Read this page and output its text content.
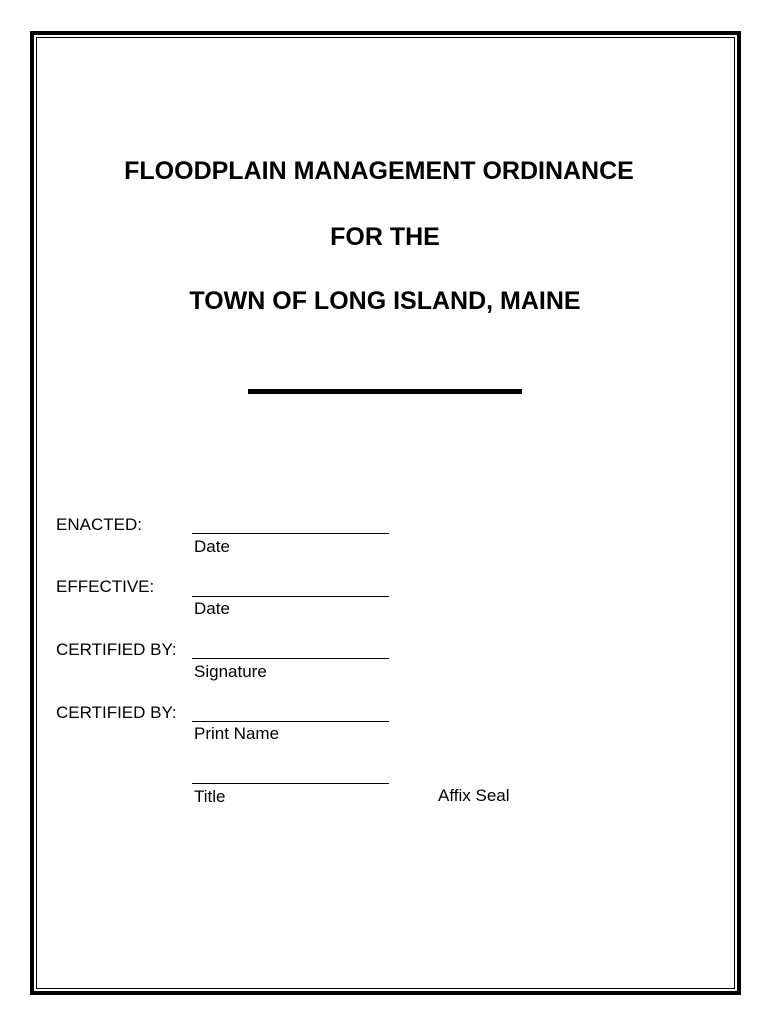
FLOODPLAIN MANAGEMENT ORDINANCE
FOR THE
TOWN OF LONG ISLAND, MAINE
ENACTED:
Date
EFFECTIVE:
Date
CERTIFIED BY:
Signature
CERTIFIED BY:
Print Name
Title	Affix Seal
